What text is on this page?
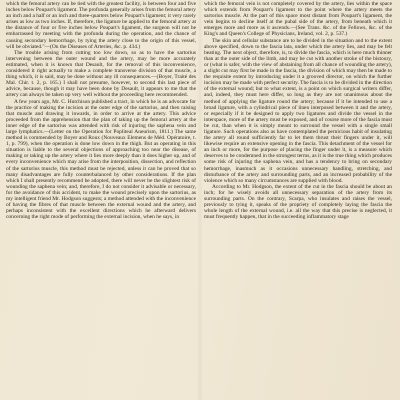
which the femoral artery can be tied with the greatest facility, is between four and five inches below Poupart's ligament. The profunda generally arises from the femoral artery an inch and a half or an inch and three-quarters below Poupart's ligament; it very rarely arises as low as two inches. If, therefore, the ligature be applied to the femoral artery at the distance of four or five inches below Poupart's ligament, the surgeon will not be embarrassed by meeting with the profunda during the operation, and the chance of causing secondary hemorrhage, by tying the artery close to the origin of this vessel, will be obviated."—(On the Diseases of Arteries, &c. p. 434.)

The trouble arising from cutting too low down, so as to have the sartorius intervening between the outer wound and the artery, may be more accurately estimated, when it is known that Desault, for the removal of this inconvenience, considered it right actually to make a complete transverse division of that muscle, a thing which, it is said, may be done without any ill consequences.—(Boyer, Traité des Mal. Chir. t. 2, p. 165.) I shall not presume, however, to second this last piece of advice, because, though it may have been done by Desault, it appears to me that the artery can always be taken up very well without the proceeding here recommended.

A few years ago, Mr. C. Hutchison published a tract, in which he is an advocate for the practice of making the incision at the outer edge of the sartorius, and then raising that muscle and drawing it inwards, in order to arrive at the artery. This advice proceeded from the apprehension that the plan of taking up the femoral artery at the inner edge of the sartorius was attended with risk of injuring the saphena vein and large lymphatics.—(Letter on the Operation for Popliteal Aneurism, 1811.) The same method is commended by Boyer and Roux (Nouveaux Elemens de Méd. Opératoire, t. 1, p. 799), when the operation is done low down in the thigh. But as operating in this situation is liable to the several objections of approaching too near the disease, of making or taking up the artery where it lies more deeply than it does higher up, and of every inconvenience which may arise from the interposition, dissection, and reflection of the sartorius muscle, this method must be rejected, unless it can be proved that so many disadvantages are fully counterbalanced by other considerations. If the plan which I shall presently recommend be adopted, there will never be the slightest risk of wounding the saphena vein; and, therefore, I do not consider it advisable or necessary, for the avoidance of this accident, to make the wound precisely upon the sartorius, as my intelligent friend Mr. Hodgson suggests; a method attended with the inconvenience of having the fibres of that muscle between the external wound and the artery, and perhaps inconsistent with the excellent directions which he afterward delivers concerning the right mode of performing the external incision, when he says, in

which the femoral vein is not completely covered by the artery, lies within the space which extends from Poupart's ligament to the point where the artery meets the sartorius muscle. At the part of this space most distant from Poupart's ligament, the vein begins to decline itself at the pubal side of the artery, from beneath which it emerges more and more as it ascends.—(See Trans. &c. of the Fellows, &c. of the King's and Queen's College of Physicians, Ireland, vol. 2, p. 537.)

The skin and cellular substance are to be divided in the situation and to the extent above specified, down to the fascia lata, under which the artery lies, and may be felt beating. The next object, therefore, is, to divide the fascia, which is here much thinner than at the outer side of the limb, and may be cut with another stroke of the bistoury, or (what is safer, with the view of abstaining from all chance of wounding the artery), a slight cut may first be made in the fascia, the division of which may then be made to the requisite extent by introducing under it a grooved director, on which the further incision may be made with perfect security. The fascia is to be divided in the direction of the external wound; but to what extent, is a point on which surgical writers differ, and, indeed, they must here differ, so long as they are not unanimous about the method of applying the ligature round the artery; because if it be intended to use a broad ligature, with a cylindrical piece of linen interposed between it and the artery, or especially if it be designed to apply two ligatures and divide the vessel in the interspace, more of the artery must be exposed, and of course more of the fascia must be cut, than when it is simply meant to surround the vessel with a single small ligature. Such operations also as have contemplated the pernicious habit of insulating the artery all round sufficiently far to let them thrust their fingers under it, will likewise require an extensive opening in the fascia. This detachment of the vessel for an inch or more, for the purpose of placing the finger under it, is a measure which deserves to be condemned in the strongest terms, as it is the true thing which produces some risk of injuring the saphena vein, and has a tendency to bring on secondary hemorrhage, inasmuch as it occasions unnecessary handling, stretching, and disturbance of the artery and surrounding parts, and an increased probability of the violence which so many circumstances are supplied with blood.

According to Mr. Hodgson, the extent of the cut in the fascia should be about an inch; for he wisely avoids all unnecessary separation of the artery from its surrounding parts. On the contrary, Scarpa, who insulates and raises the vessel, previously to tying it, speaks of the propriety of completely laying the fascia the whole length of the external wound, i.e. all the way that this precise is neglected, it must frequently happen, that in the succeeding inflammatory stage
